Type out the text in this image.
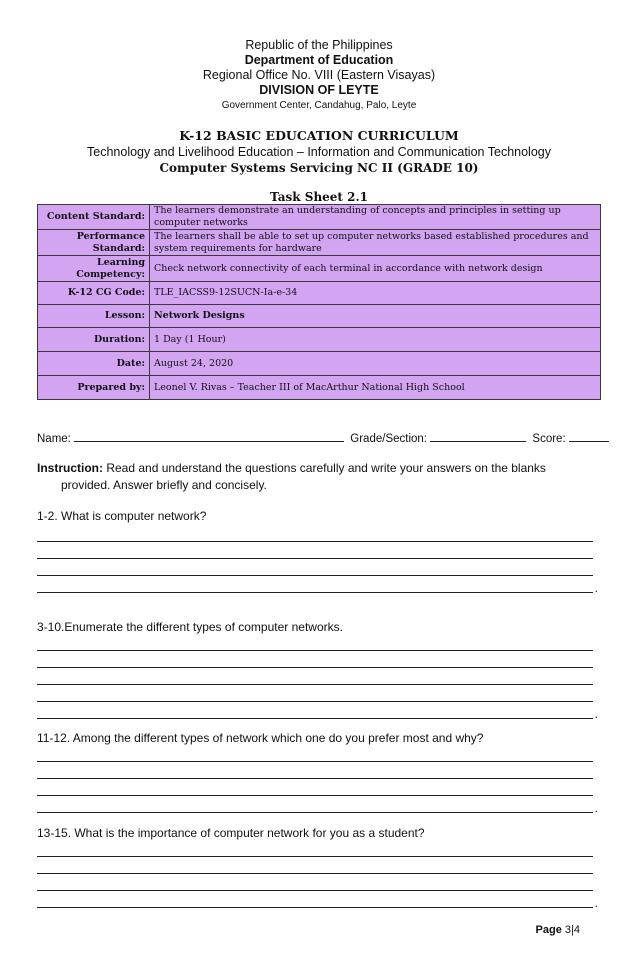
Republic of the Philippines
Department of Education
Regional Office No. VIII (Eastern Visayas)
DIVISION OF LEYTE
Government Center, Candahug, Palo, Leyte
K-12 BASIC EDUCATION CURRICULUM
Technology and Livelihood Education – Information and Communication Technology
Computer Systems Servicing NC II (GRADE 10)
Task Sheet 2.1
Content Standard:	The learners demonstrate an understanding of concepts and principles in setting up computer networks
Performance Standard:	The learners shall be able to set up computer networks based established procedures and system requirements for hardware
Learning Competency:	Check network connectivity of each terminal in accordance with network design
K-12 CG Code:	TLE_IACSS9-12SUCN-Ia-e-34
Lesson:	Network Designs
Duration:	1 Day (1 Hour)
Date:	August 24, 2020
Prepared by:	Leonel V. Rivas – Teacher III of MacArthur National High School
Name:	Grade/Section:	Score:
Instruction: Read and understand the questions carefully and write your answers on the blanks
provided. Answer briefly and concisely.
1-2. What is computer network?
.
3-10.Enumerate the different types of computer networks.
.
11-12. Among the different types of network which one do you prefer most and why?
.
13-15. What is the importance of computer network for you as a student?
.
Page 3|4
